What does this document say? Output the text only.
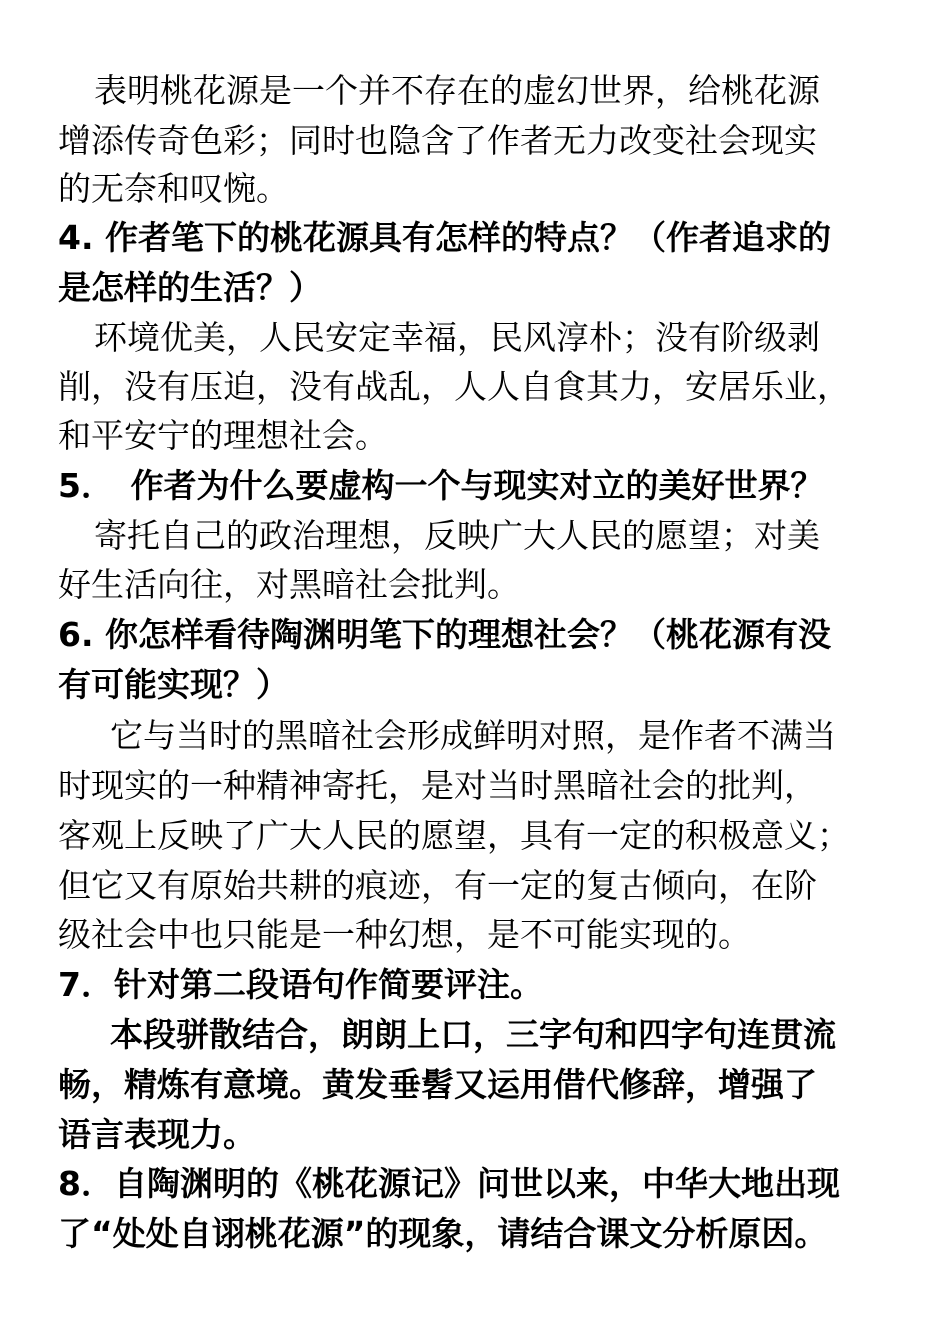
表明桃花源是一个并不存在的虚幻世界，给桃花源
增添传奇色彩；同时也隐含了作者无力改变社会现实
的无奈和叹惋。
4. 作者笔下的桃花源具有怎样的特点？（作者追求的
是怎样的生活？）
环境优美，人民安定幸福，民风淳朴；没有阶级剥
削，没有压迫，没有战乱，人人自食其力，安居乐业，
和平安宁的理想社会。
5．　作者为什么要虚构一个与现实对立的美好世界？
寄托自己的政治理想，反映广大人民的愿望；对美
好生活向往，对黑暗社会批判。
6. 你怎样看待陶渊明笔下的理想社会？（桃花源有没
有可能实现？）
它与当时的黑暗社会形成鲜明对照，是作者不满当
时现实的一种精神寄托，是对当时黑暗社会的批判，
客观上反映了广大人民的愿望，具有一定的积极意义；
但它又有原始共耕的痕迹，有一定的复古倾向，在阶
级社会中也只能是一种幻想，是不可能实现的。
7．针对第二段语句作简要评注。
本段骈散结合，朗朗上口，三字句和四字句连贯流
畅，精炼有意境。黄发垂髫又运用借代修辞，增强了
语言表现力。
8．自陶渊明的《桃花源记》问世以来，中华大地出现
了“处处自诩桃花源”的现象，请结合课文分析原因。
